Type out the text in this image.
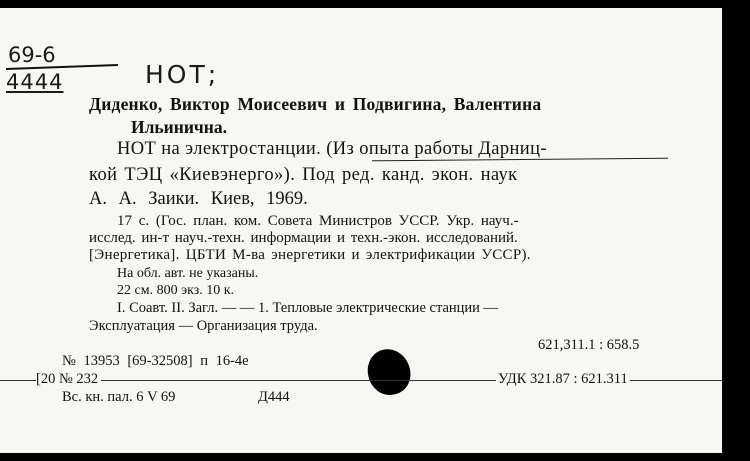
69-6
4444	НОТ;
Диденко, Виктор Моисеевич и Подвигина, Валентина
Ильинична.
НОТ на электростанции. (Из опыта работы Дарниц-
кой ТЭЦ «Киевэнерго»). Под ред. канд. экон. наук
А. А. Заики. Киев, 1969.
17 с. (Гос. план. ком. Совета Министров УССР. Укр. науч.-
исслед. ин-т науч.-техн. информации и техн.-экон. исследований.
[Энергетика]. ЦБТИ М-ва энергетики и электрификации УССР).
На обл. авт. не указаны.
22 см. 800 экз. 10 к.
I. Соавт. II. Загл. — — 1. Тепловые электрические станции —
Эксплуатация — Организация труда.
621,311.1 : 658.5
№ 13953 [69-32508] п 16-4е
[20 № 232	УДК 321.87 : 621.311
Вс. кн. пал. 6 V 69	Д444
